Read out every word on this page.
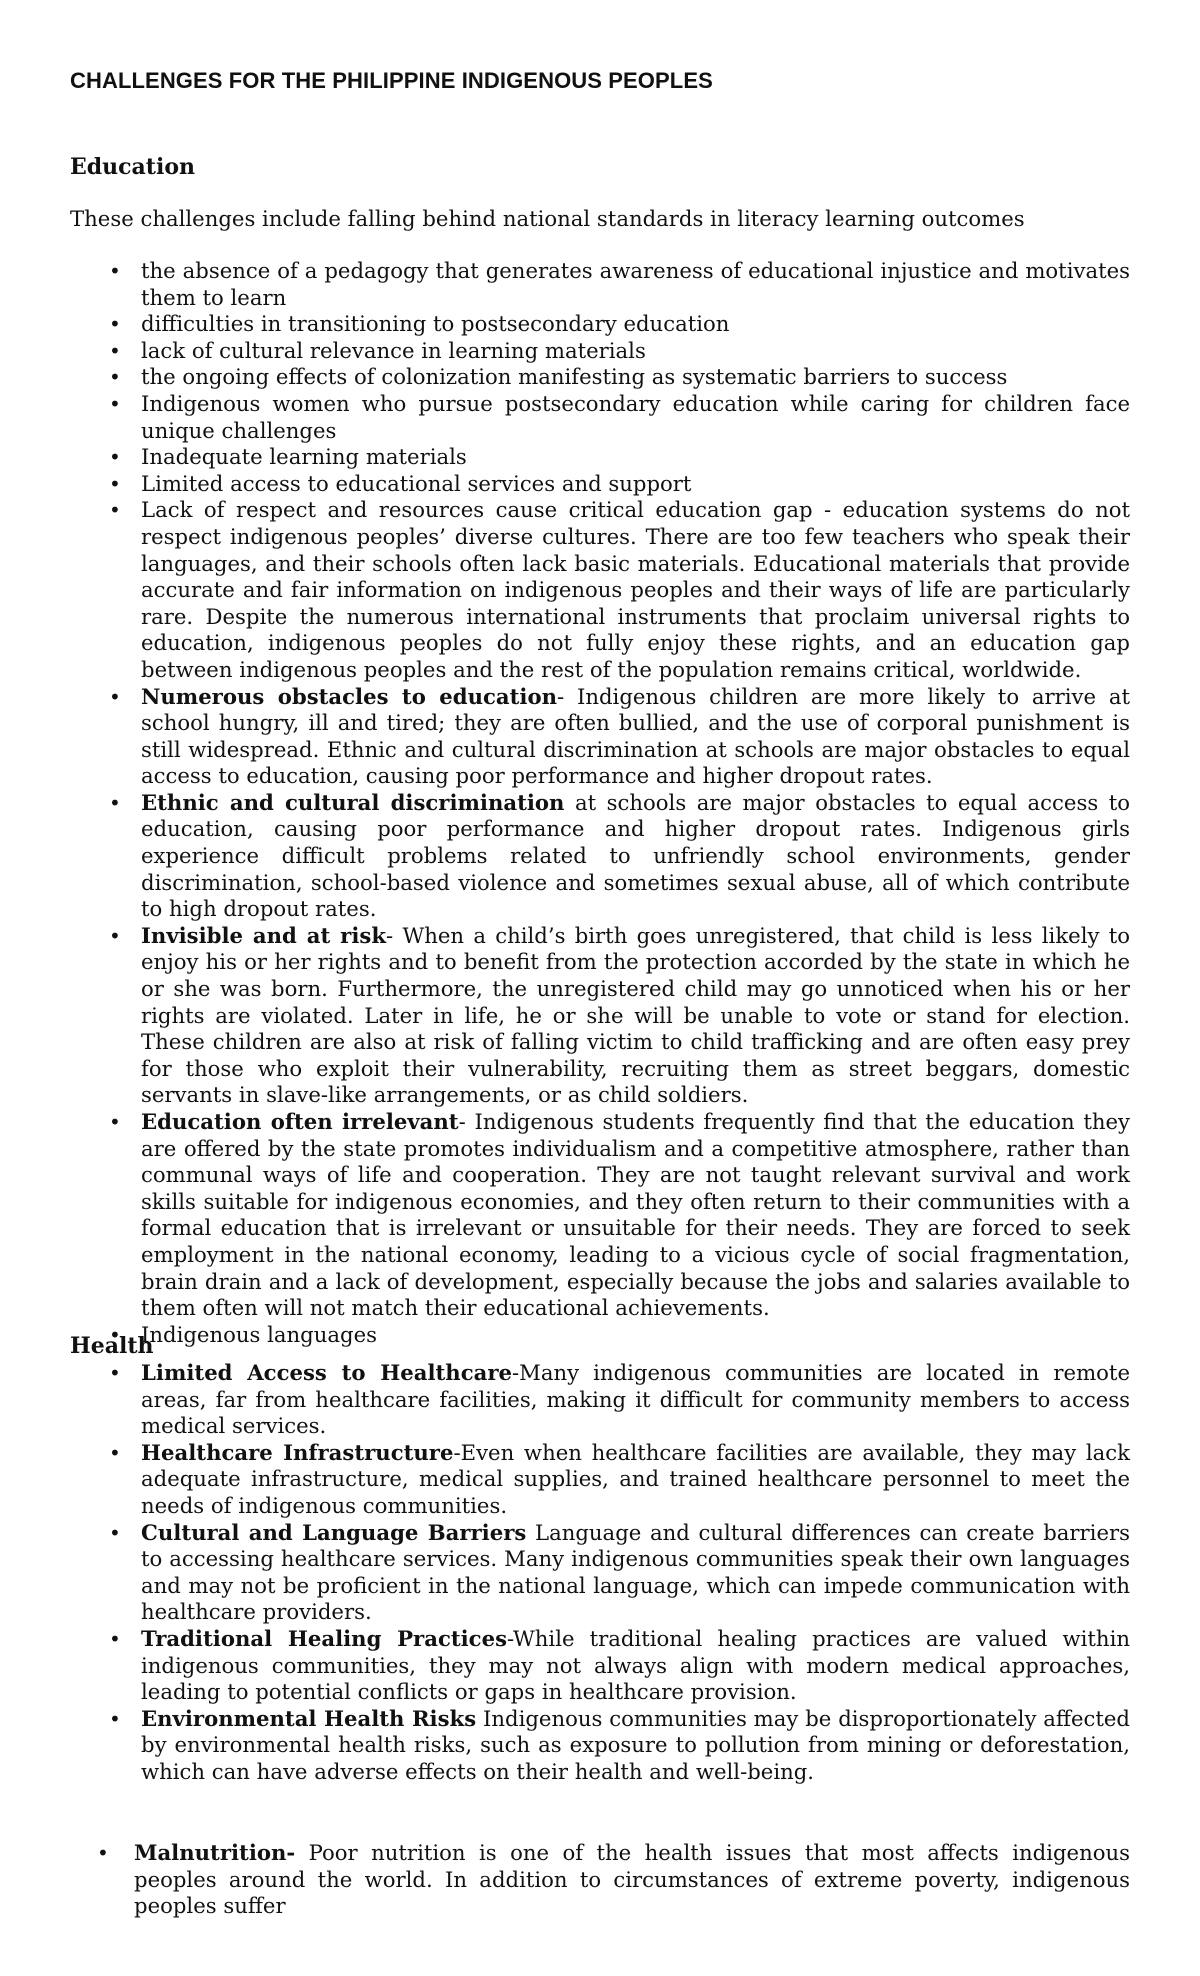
CHALLENGES FOR THE PHILIPPINE INDIGENOUS PEOPLES
Education
These challenges include falling behind national standards in literacy learning outcomes
• the absence of a pedagogy that generates awareness of educational injustice and motivates them to learn
• difficulties in transitioning to postsecondary education
• lack of cultural relevance in learning materials
• the ongoing effects of colonization manifesting as systematic barriers to success
• Indigenous women who pursue postsecondary education while caring for children face unique challenges
• Inadequate learning materials
• Limited access to educational services and support
• Lack of respect and resources cause critical education gap - education systems do not respect indigenous peoples’ diverse cultures. There are too few teachers who speak their languages, and their schools often lack basic materials. Educational materials that provide accurate and fair information on indigenous peoples and their ways of life are particularly rare. Despite the numerous international instruments that proclaim universal rights to education, indigenous peoples do not fully enjoy these rights, and an education gap between indigenous peoples and the rest of the population remains critical, worldwide.
• Numerous obstacles to education- Indigenous children are more likely to arrive at school hungry, ill and tired; they are often bullied, and the use of corporal punishment is still widespread. Ethnic and cultural discrimination at schools are major obstacles to equal access to education, causing poor performance and higher dropout rates.
• Ethnic and cultural discrimination at schools are major obstacles to equal access to education, causing poor performance and higher dropout rates. Indigenous girls experience difficult problems related to unfriendly school environments, gender discrimination, school-based violence and sometimes sexual abuse, all of which contribute to high dropout rates.
• Invisible and at risk- When a child’s birth goes unregistered, that child is less likely to enjoy his or her rights and to benefit from the protection accorded by the state in which he or she was born. Furthermore, the unregistered child may go unnoticed when his or her rights are violated. Later in life, he or she will be unable to vote or stand for election. These children are also at risk of falling victim to child trafficking and are often easy prey for those who exploit their vulnerability, recruiting them as street beggars, domestic servants in slave-like arrangements, or as child soldiers.
• Education often irrelevant- Indigenous students frequently find that the education they are offered by the state promotes individualism and a competitive atmosphere, rather than communal ways of life and cooperation. They are not taught relevant survival and work skills suitable for indigenous economies, and they often return to their communities with a formal education that is irrelevant or unsuitable for their needs. They are forced to seek employment in the national economy, leading to a vicious cycle of social fragmentation, brain drain and a lack of development, especially because the jobs and salaries available to them often will not match their educational achievements.
• Indigenous languages
Health
• Limited Access to Healthcare-Many indigenous communities are located in remote areas, far from healthcare facilities, making it difficult for community members to access medical services.
• Healthcare Infrastructure-Even when healthcare facilities are available, they may lack adequate infrastructure, medical supplies, and trained healthcare personnel to meet the needs of indigenous communities.
• Cultural and Language Barriers Language and cultural differences can create barriers to accessing healthcare services. Many indigenous communities speak their own languages and may not be proficient in the national language, which can impede communication with healthcare providers.
• Traditional Healing Practices-While traditional healing practices are valued within indigenous communities, they may not always align with modern medical approaches, leading to potential conflicts or gaps in healthcare provision.
• Environmental Health Risks Indigenous communities may be disproportionately affected by environmental health risks, such as exposure to pollution from mining or deforestation, which can have adverse effects on their health and well-being.
• Malnutrition- Poor nutrition is one of the health issues that most affects indigenous peoples around the world. In addition to circumstances of extreme poverty, indigenous peoples suffer
